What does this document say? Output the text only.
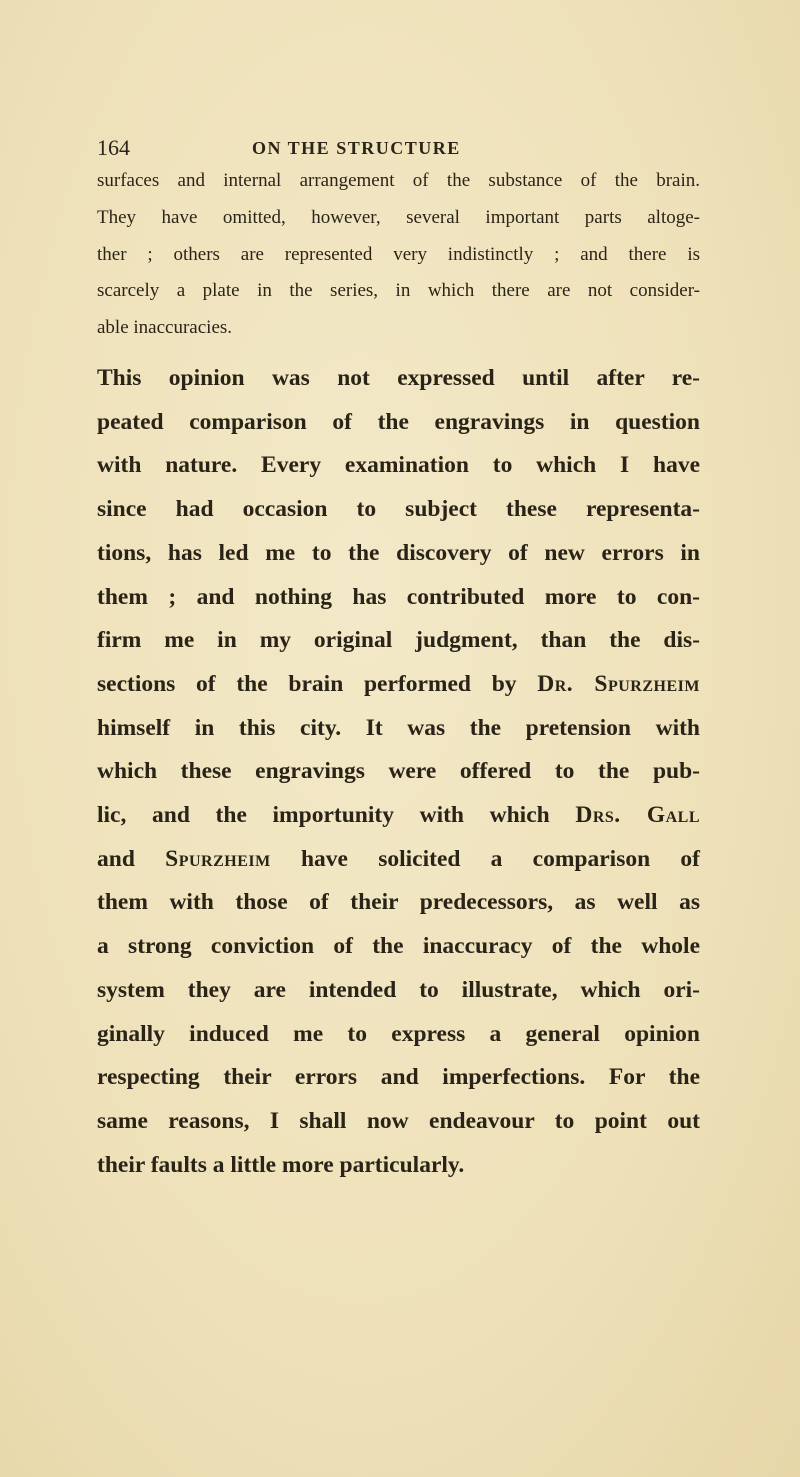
164	ON THE STRUCTURE
surfaces and internal arrangement of the substance of the brain.
They have omitted, however, several important parts altoge-
ther ; others are represented very indistinctly ; and there is
scarcely a plate in the series, in which there are not consider-
able inaccuracies.
This opinion was not expressed until after re-
peated comparison of the engravings in question
with nature. Every examination to which I have
since had occasion to subject these representa-
tions, has led me to the discovery of new errors in
them ; and nothing has contributed more to con-
firm me in my original judgment, than the dis-
sections of the brain performed by Dr. Spurzheim
himself in this city. It was the pretension with
which these engravings were offered to the pub-
lic, and the importunity with which Drs. Gall
and Spurzheim have solicited a comparison of
them with those of their predecessors, as well as
a strong conviction of the inaccuracy of the whole
system they are intended to illustrate, which ori-
ginally induced me to express a general opinion
respecting their errors and imperfections. For the
same reasons, I shall now endeavour to point out
their faults a little more particularly.
